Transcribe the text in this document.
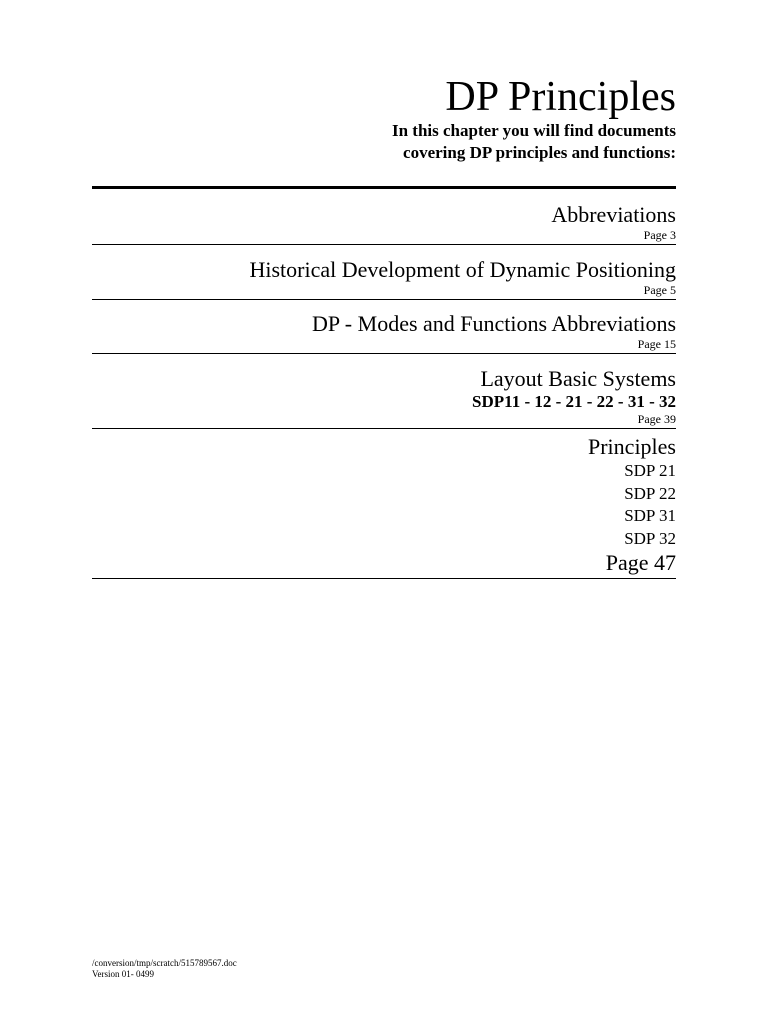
DP Principles
In this chapter you will find documents
covering DP principles and functions:
Abbreviations
Page 3
Historical Development of Dynamic Positioning
Page 5
DP - Modes and Functions Abbreviations
Page 15
Layout Basic Systems
SDP11 - 12 - 21 - 22 - 31 - 32
Page 39
Principles
SDP 21
SDP 22
SDP 31
SDP 32
Page 47
/conversion/tmp/scratch/515789567.doc
Version 01- 0499
